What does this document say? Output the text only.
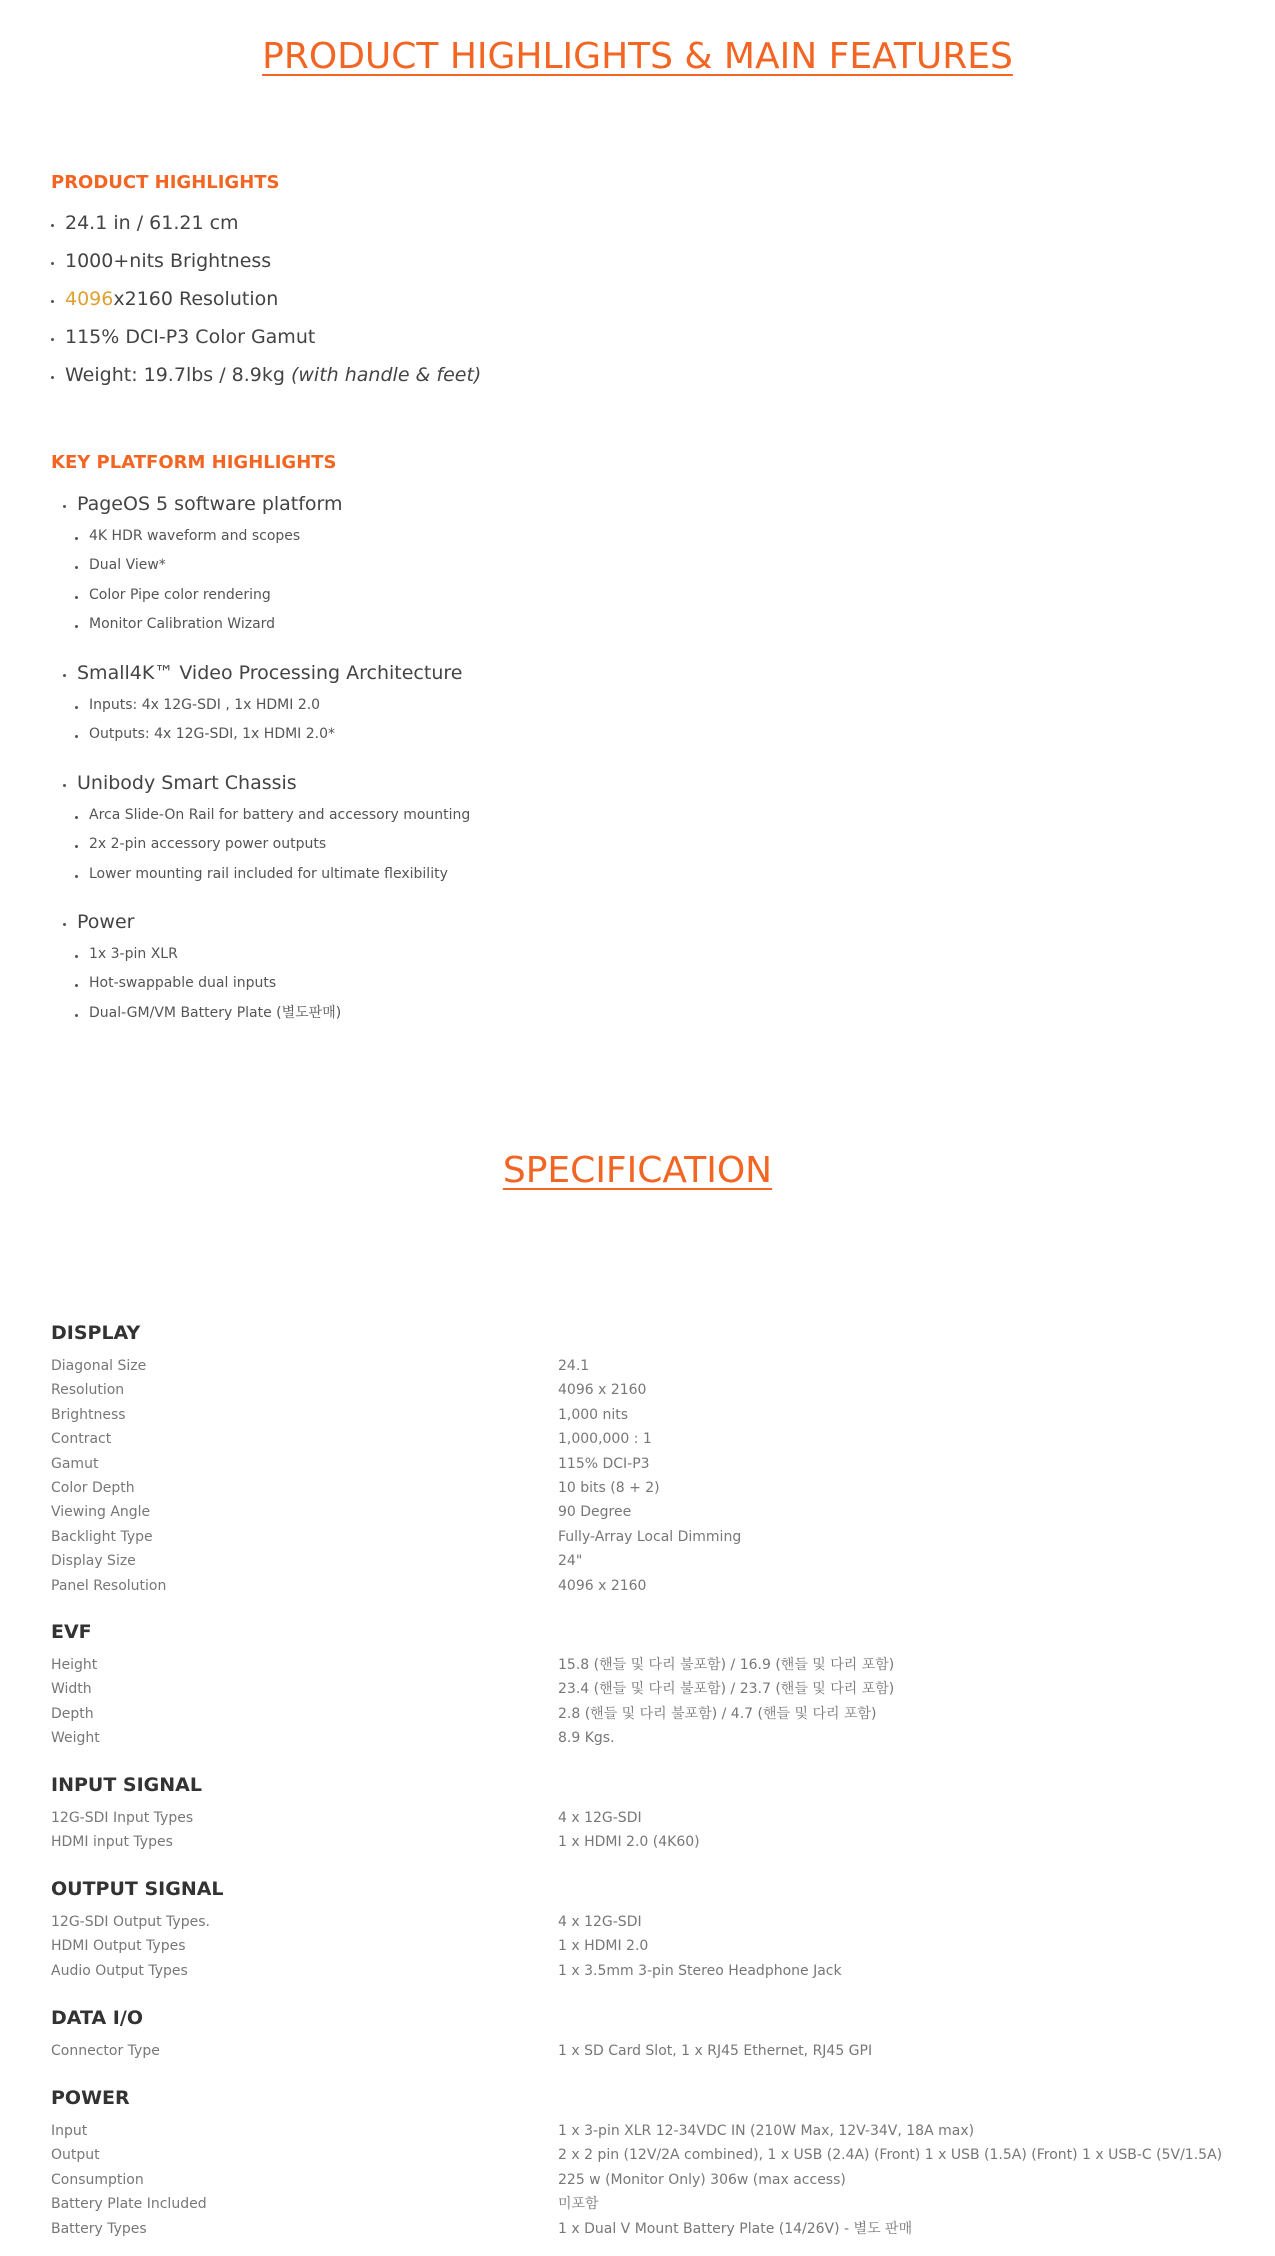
PRODUCT HIGHLIGHTS & MAIN FEATURES
PRODUCT HIGHLIGHTS
24.1 in / 61.21 cm
1000+nits Brightness
4096x2160 Resolution
115% DCI-P3 Color Gamut
Weight: 19.7lbs / 8.9kg (with handle & feet)
KEY PLATFORM HIGHLIGHTS
PageOS 5 software platform
4K HDR waveform and scopes
Dual View*
Color Pipe color rendering
Monitor Calibration Wizard
Small4K™ Video Processing Architecture
Inputs: 4x 12G-SDI , 1x HDMI 2.0
Outputs: 4x 12G-SDI, 1x HDMI 2.0*
Unibody Smart Chassis
Arca Slide-On Rail for battery and accessory mounting
2x 2-pin accessory power outputs
Lower mounting rail included for ultimate flexibility
Power
1x 3-pin XLR
Hot-swappable dual inputs
Dual-GM/VM Battery Plate (별도판매)
SPECIFICATION
DISPLAY
Diagonal Size	24.1
Resolution	4096 x 2160
Brightness	1,000 nits
Contract	1,000,000 : 1
Gamut	115% DCI-P3
Color Depth	10 bits (8 + 2)
Viewing Angle	90 Degree
Backlight Type	Fully-Array Local Dimming
Display Size	24"
Panel Resolution	4096 x 2160
EVF
Height	15.8 (핸들 및 다리 불포함) / 16.9 (핸들 및 다리 포함)
Width	23.4 (핸들 및 다리 불포함) / 23.7 (핸들 및 다리 포함)
Depth	2.8 (핸들 및 다리 불포함) / 4.7 (핸들 및 다리 포함)
Weight	8.9 Kgs.
INPUT SIGNAL
12G-SDI Input Types	4 x 12G-SDI
HDMI input Types	1 x HDMI 2.0 (4K60)
OUTPUT SIGNAL
12G-SDI Output Types.	4 x 12G-SDI
HDMI Output Types	1 x HDMI 2.0
Audio Output Types	1 x 3.5mm 3-pin Stereo Headphone Jack
DATA I/O
Connector Type	1 x SD Card Slot, 1 x RJ45 Ethernet, RJ45 GPI
POWER
Input	1 x 3-pin XLR 12-34VDC IN (210W Max, 12V-34V, 18A max)
Output	2 x 2 pin (12V/2A combined), 1 x USB (2.4A) (Front) 1 x USB (1.5A) (Front) 1 x USB-C (5V/1.5A)
Consumption	225 w (Monitor Only) 306w (max access)
Battery Plate Included	미포함
Battery Types	1 x Dual V Mount Battery Plate (14/26V) - 별도 판매
